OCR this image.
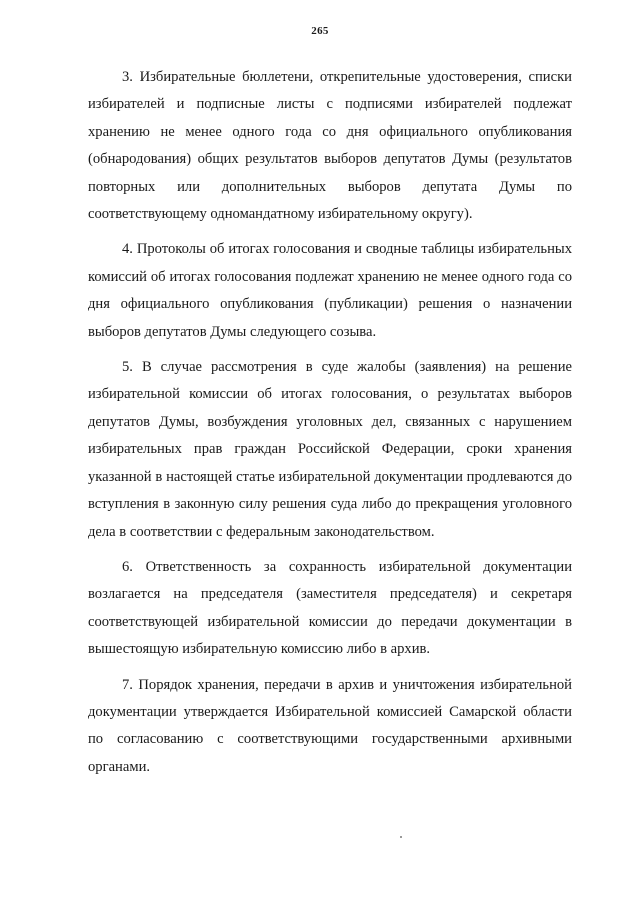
265

3. Избирательные бюллетени, открепительные удостоверения, списки избирателей и подписные листы с подписями избирателей подлежат хранению не менее одного года со дня официального опубликования (обнародования) общих результатов выборов депутатов Думы (результатов повторных или дополнительных выборов депутата Думы по соответствующему одномандатному избирательному округу).

4. Протоколы об итогах голосования и сводные таблицы избирательных комиссий об итогах голосования подлежат хранению не менее одного года со дня официального опубликования (публикации) решения о назначении выборов депутатов Думы следующего созыва.

5. В случае рассмотрения в суде жалобы (заявления) на решение избирательной комиссии об итогах голосования, о результатах выборов депутатов Думы, возбуждения уголовных дел, связанных с нарушением избирательных прав граждан Российской Федерации, сроки хранения указанной в настоящей статье избирательной документации продлеваются до вступления в законную силу решения суда либо до прекращения уголовного дела в соответствии с федеральным законодательством.

6. Ответственность за сохранность избирательной документации возлагается на председателя (заместителя председателя) и секретаря соответствующей избирательной комиссии до передачи документации в вышестоящую избирательную комиссию либо в архив.

7. Порядок хранения, передачи в архив и уничтожения избирательной документации утверждается Избирательной комиссией Самарской области по согласованию с соответствующими государственными архивными органами.
